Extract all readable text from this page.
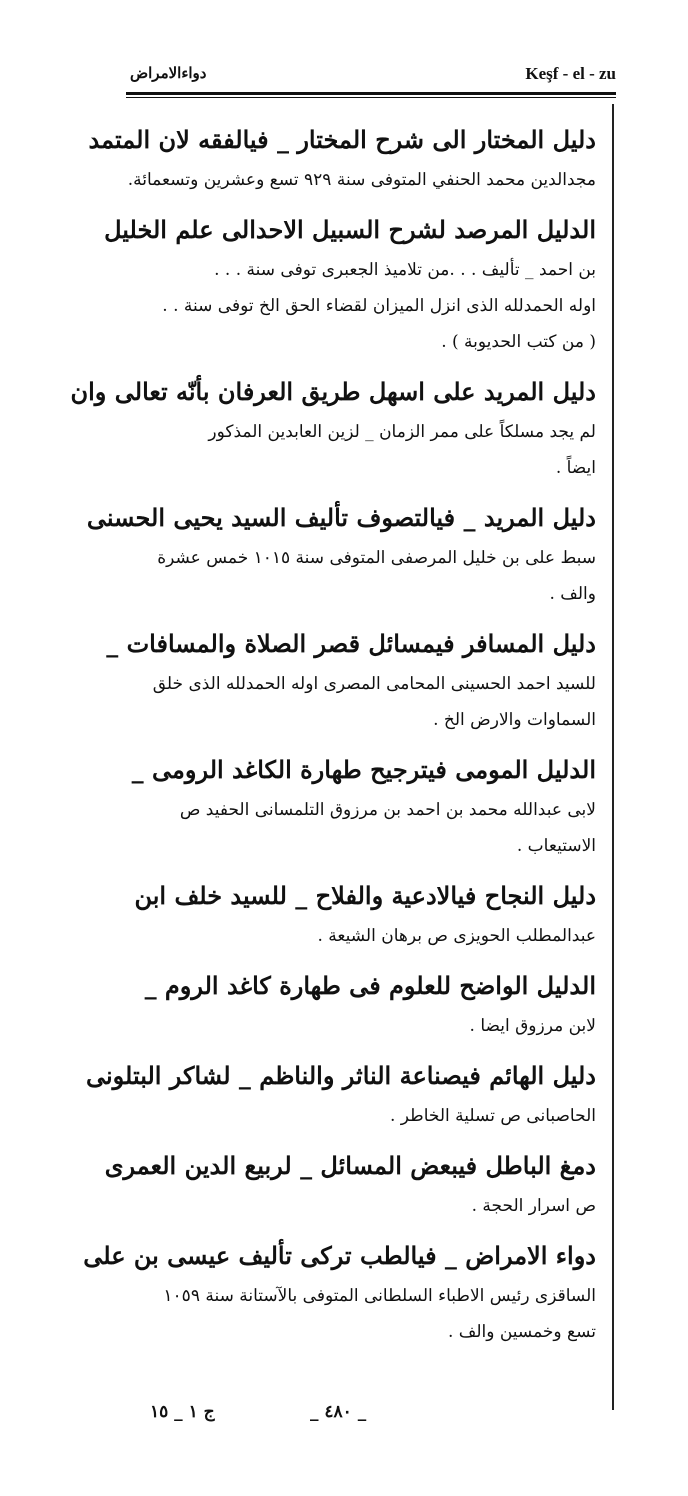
دواءالامراض	Keşf - el - zu
دليل المختار الى شرح المختار _ فيالفقه لان المتمد
مجدالدين محمد الحنفي المتوفى سنة ٩٢٩ تسع وعشرين وتسعمائة.
الدليل المرصد لشرح السبيل الاحدالى علم الخليل
بن احمد _ تأليف . . .من تلاميذ الجعبرى توفى سنة . . .
اوله الحمدلله الذى انزل الميزان لقضاء الحق الخ توفى سنة . .
( من كتب الحديوبة ) .
دليل المريد على اسهل طريق العرفان بأنّه تعالى وان
لم يجد مسلكاً على ممر الزمان _ لزين العابدين المذكور
ايضاً .
دليل المريد _ فيالتصوف تأليف السيد يحيى الحسنى
سبط على بن خليل المرصفى المتوفى سنة ١٠١٥ خمس عشرة
والف .
دليل المسافر فيمسائل قصر الصلاة والمسافات _
للسيد احمد الحسينى المحامى المصرى اوله الحمدلله الذى خلق
السماوات والارض الخ .
الدليل المومى فيترجيح طهارة الكاغد الرومى _
لابى عبدالله محمد بن احمد بن مرزوق التلمسانى الحفيد ص
الاستيعاب .
دليل النجاح فيالادعية والفلاح _ للسيد خلف ابن
عبدالمطلب الحويزى ص برهان الشيعة .
الدليل الواضح للعلوم فى طهارة كاغد الروم _
لابن مرزوق ايضا .
دليل الهائم فيصناعة الناثر والناظم _ لشاكر البتلونى
الحاصبانى ص تسلية الخاطر .
دمغ الباطل فيبعض المسائل _ لربيع الدين العمرى
ص اسرار الحجة .
دواء الامراض _ فيالطب تركى تأليف عيسى بن على
الساقزى رئيس الاطباء السلطانى المتوفى بالآستانة سنة ١٠٥٩
تسع وخمسين والف .
ج ١ _ ١٥	_ ٤٨٠ _
